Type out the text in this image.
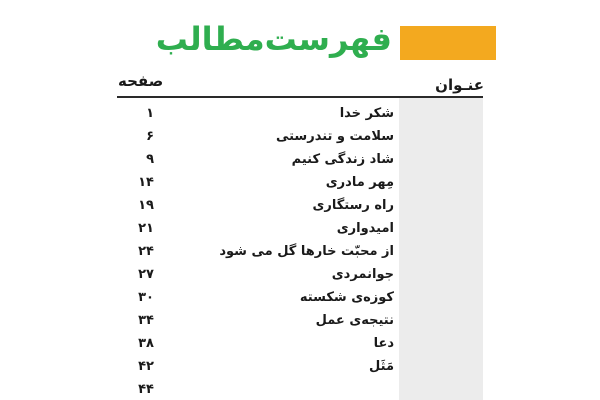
فهرست‌مطالب
عنـوان
صفحه
شکر خدا
۱
سلامت و تندرستی
۶
شاد زندگی کنیم
۹
مِهر مادری
۱۴
راه رستگاری
۱۹
امیدواری
۲۱
از محبّت خارها گل می شود
۲۴
جوانمردی
۲۷
کوزه‌ی شکسته
۳۰
نتیجه‌ی عمل
۳۴
دعا
۳۸
مَثَل
۴۲
۴۴
